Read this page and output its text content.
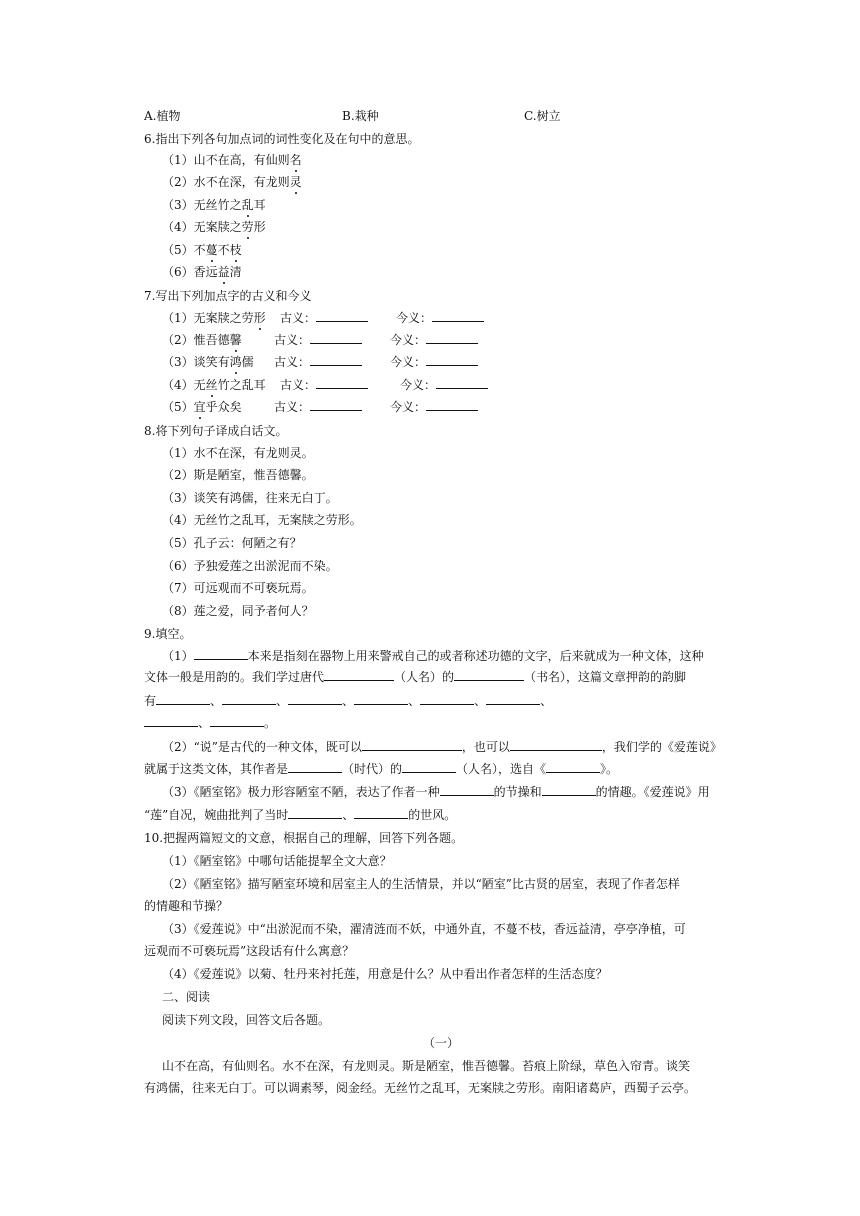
A.植物	B.栽种	C.树立
6.指出下列各句加点词的词性变化及在句中的意思。
（1）山不在高，有仙则名
（2）水不在深，有龙则灵
（3）无丝竹之乱耳
（4）无案牍之劳形
（5）不蔓不枝
（6）香远益清
7.写出下列加点字的古义和今义
（1）无案牍之劳形 古义：	今义：
（2）惟吾德馨	古义：	今义：
（3）谈笑有鸿儒 古义：	今义：
（4）无丝竹之乱耳 古义：	今义：
（5）宜乎众矣	古义：	今义：
8.将下列句子译成白话文。
（1）水不在深，有龙则灵。
（2）斯是陋室，惟吾德馨。
（3）谈笑有鸿儒，往来无白丁。
（4）无丝竹之乱耳，无案牍之劳形。
（5）孔子云：何陋之有？
（6）予独爱莲之出淤泥而不染。
（7）可远观而不可亵玩焉。
（8）莲之爱，同予者何人？
9.填空。
（1）	本来是指刻在器物上用来警戒自己的或者称述功德的文字，后来就成为一种文体，这种
文体一般是用韵的。我们学过唐代	（人名）的	（书名），这篇文章押韵的韵脚
有	、	、	、	、	、	、
、	。
（2）“说”是古代的一种文体，既可以	，也可以	，我们学的《爱莲说》
就属于这类文体，其作者是	（时代）的	（人名），选自《	》。
（3）《陋室铭》极力形容陋室不陋，表达了作者一种	的节操和	的情趣。《爱莲说》用
“莲”自况，婉曲批判了当时	、	的世风。
10.把握两篇短文的文意，根据自己的理解，回答下列各题。
（1）《陋室铭》中哪句话能提挈全文大意？
（2）《陋室铭》描写陋室环境和居室主人的生活情景，并以“陋室”比古贤的居室，表现了作者怎样
的情趣和节操？
（3）《爱莲说》中“出淤泥而不染，濯清涟而不妖，中通外直，不蔓不枝，香远益清，亭亭净植，可
远观而不可亵玩焉”这段话有什么寓意？
（4）《爱莲说》以菊、牡丹来衬托莲，用意是什么？从中看出作者怎样的生活态度？
二、阅读
阅读下列文段，回答文后各题。
（一）
山不在高，有仙则名。水不在深，有龙则灵。斯是陋室，惟吾德馨。苔痕上阶绿，草色入帘青。谈笑
有鸿儒，往来无白丁。可以调素琴，阅金经。无丝竹之乱耳，无案牍之劳形。南阳诸葛庐，西蜀子云亭。
